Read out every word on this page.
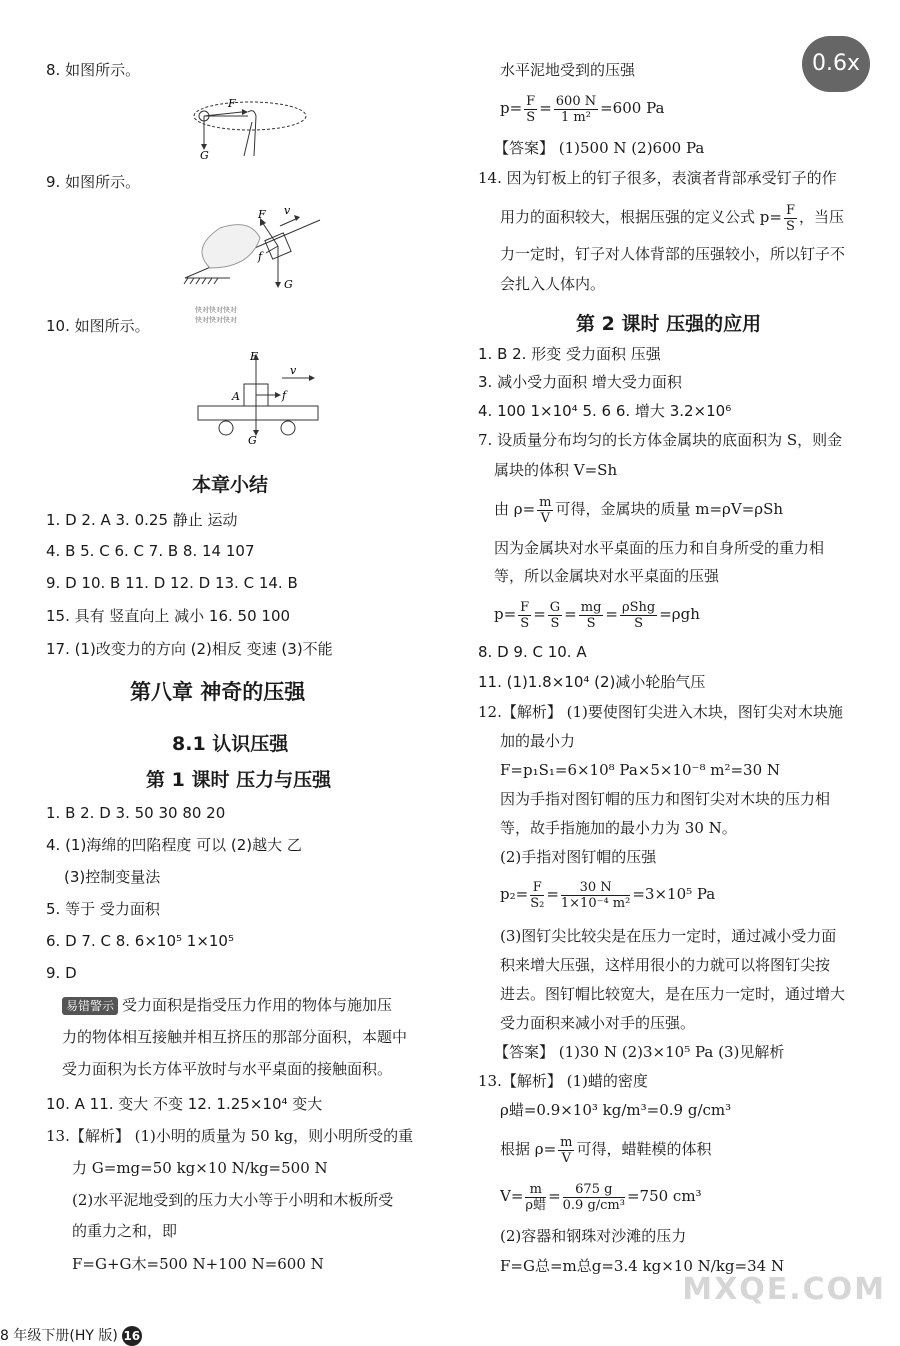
0.6x
8. 如图所示。
F
G
9. 如图所示。
F v
f
G
快对快对快对
快对快对快对
10. 如图所示。
F
v
A	f
G
本章小结
1. D 2. A 3. 0.25 静止 运动
4. B 5. C 6. C 7. B 8. 14 107
9. D 10. B 11. D 12. D 13. C 14. B
15. 具有 竖直向上 减小 16. 50 100
17. (1)改变力的方向 (2)相反 变速 (3)不能
第八章 神奇的压强
8.1 认识压强
第 1 课时 压力与压强
1. B 2. D 3. 50 30 80 20
4. (1)海绵的凹陷程度 可以 (2)越大 乙
(3)控制变量法
5. 等于 受力面积
6. D 7. C 8. 6×10⁵ 1×10⁵
9. D
易错警示 受力面积是指受压力作用的物体与施加压
力的物体相互接触并相互挤压的那部分面积，本题中
受力面积为长方体平放时与水平桌面的接触面积。
10. A 11. 变大 不变 12. 1.25×10⁴ 变大
13.【解析】 (1)小明的质量为 50 kg，则小明所受的重
力 G=mg=50 kg×10 N/kg=500 N
(2)水平泥地受到的压力大小等于小明和木板所受
的重力之和，即
F=G+G木=500 N+100 N=600 N
水平泥地受到的压强
$p= \frac{F}{S} = \frac{600 N}{\text{1 m²}} =600$ Pa
【答案】 (1)500 N (2)600 Pa
14. 因为钉板上的钉子很多，表演者背部承受钉子的作
用力的面积较大，根据压强的定义公式 $p= \frac{F}{S}$ ，当压
力一定时，钉子对人体背部的压强较小，所以钉子不
会扎入人体内。
第 2 课时 压强的应用
1. B 2. 形变 受力面积 压强
3. 减小受力面积 增大受力面积
4. 100 1×10⁴ 5. 6 6. 增大 3.2×10⁶
7. 设质量分布均匀的长方体金属块的底面积为 S，则金
属块的体积 V=Sh
由 $\rho= \frac{m}{V}$ 可得，金属块的质量 m=ρV=ρSh
因为金属块对水平桌面的压力和自身所受的重力相
等，所以金属块对水平桌面的压强
$p= \frac{F}{S} = \frac{G}{S} = \frac{mg}{S} = \frac{\text{ρShg}}{S} =\rho gh$
8. D 9. C 10. A
11. (1)1.8×10⁴ (2)减小轮胎气压
12.【解析】 (1)要使图钉尖进入木块，图钉尖对木块施
加的最小力
F=p₁S₁=6×10⁸ Pa×5×10⁻⁸ m²=30 N
因为手指对图钉帽的压力和图钉尖对木块的压力相
等，故手指施加的最小力为 30 N。
(2)手指对图钉帽的压强
$p_2= \frac{F}{\text{S₂}} = \frac{30 N}{\text{1×10⁻⁴ m²}} =3\times 10^5$ Pa
(3)图钉尖比较尖是在压力一定时，通过减小受力面
积来增大压强，这样用很小的力就可以将图钉尖按
进去。图钉帽比较宽大，是在压力一定时，通过增大
受力面积来减小对手的压强。
【答案】 (1)30 N (2)3×10⁵ Pa (3)见解析
13.【解析】 (1)蜡的密度
ρ蜡=0.9×10³ kg/m³=0.9 g/cm³
根据 $\rho= \frac{m}{V}$ 可得，蜡鞋模的体积
$V= \frac{m}{\text{ρ蜡}} = \frac{675 g}{\text{0.9 g/cm³}} =750$ cm³
(2)容器和钢珠对沙滩的压力
F=G总=m总g=3.4 kg×10 N/kg=34 N
MXQE.COM
8 年级下册(HY 版) 16
